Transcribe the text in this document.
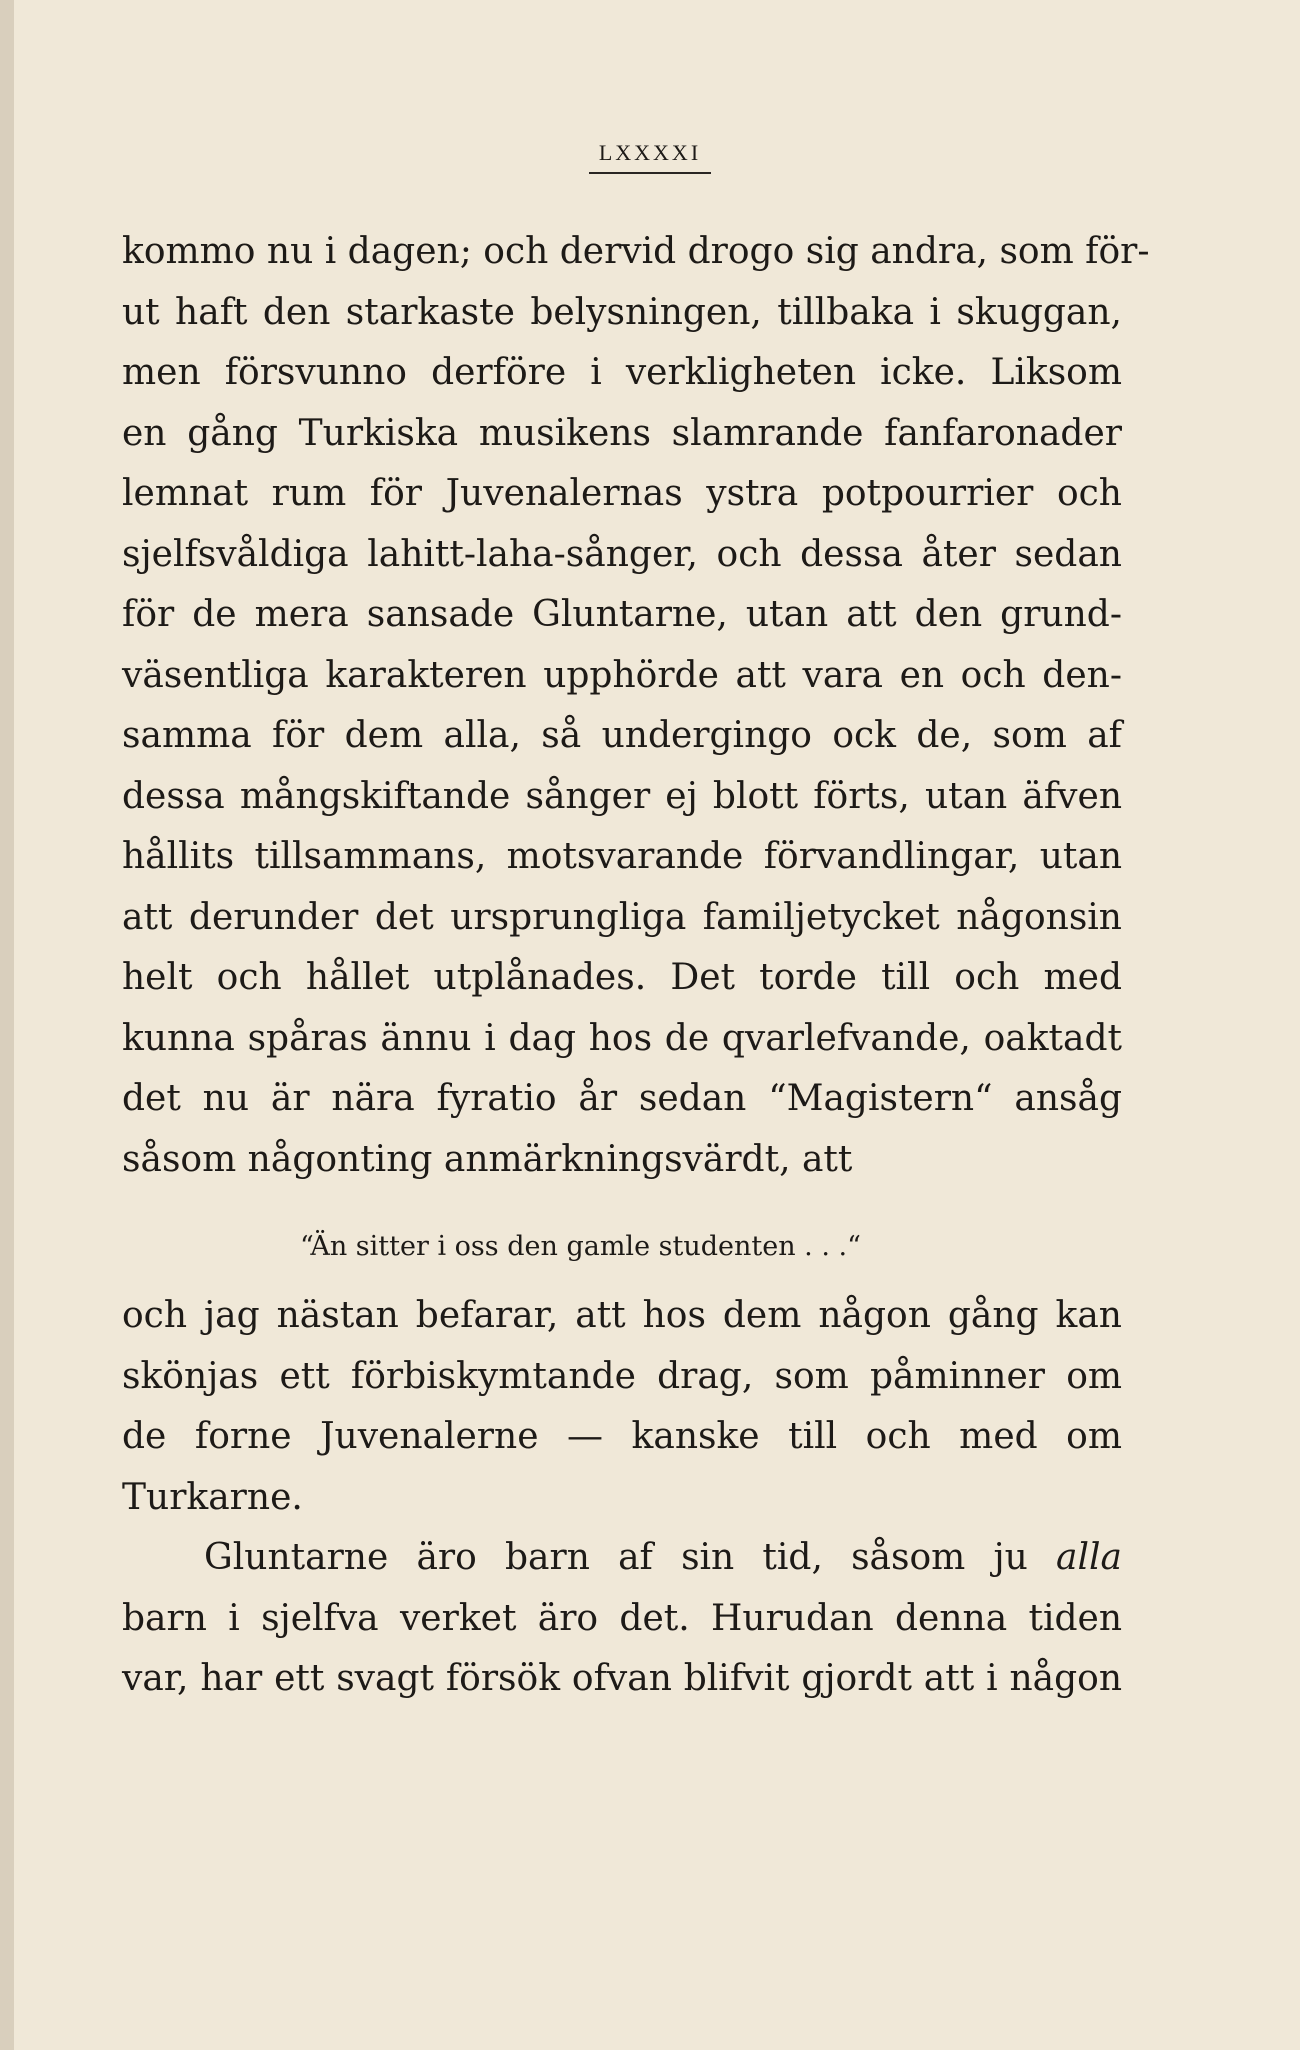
LXXXXI
kommo nu i dagen; och dervid drogo sig andra, som för-
ut haft den starkaste belysningen, tillbaka i skuggan,
men försvunno derföre i verkligheten icke. Liksom
en gång Turkiska musikens slamrande fanfaronader
lemnat rum för Juvenalernas ystra potpourrier och
sjelfsvåldiga lahitt-laha-sånger, och dessa åter sedan
för de mera sansade Gluntarne, utan att den grund-
väsentliga karakteren upphörde att vara en och den-
samma för dem alla, så undergingo ock de, som af
dessa mångskiftande sånger ej blott förts, utan äfven
hållits tillsammans, motsvarande förvandlingar, utan
att derunder det ursprungliga familjetycket någonsin
helt och hållet utplånades. Det torde till och med
kunna spåras ännu i dag hos de qvarlefvande, oaktadt
det nu är nära fyratio år sedan “Magistern“ ansåg
såsom någonting anmärkningsvärdt, att
“Än sitter i oss den gamle studenten . . .“
och jag nästan befarar, att hos dem någon gång kan
skönjas ett förbiskymtande drag, som påminner om
de forne Juvenalerne — kanske till och med om
Turkarne.
Gluntarne äro barn af sin tid, såsom ju alla
barn i sjelfva verket äro det. Hurudan denna tiden
var, har ett svagt försök ofvan blifvit gjordt att i någon
